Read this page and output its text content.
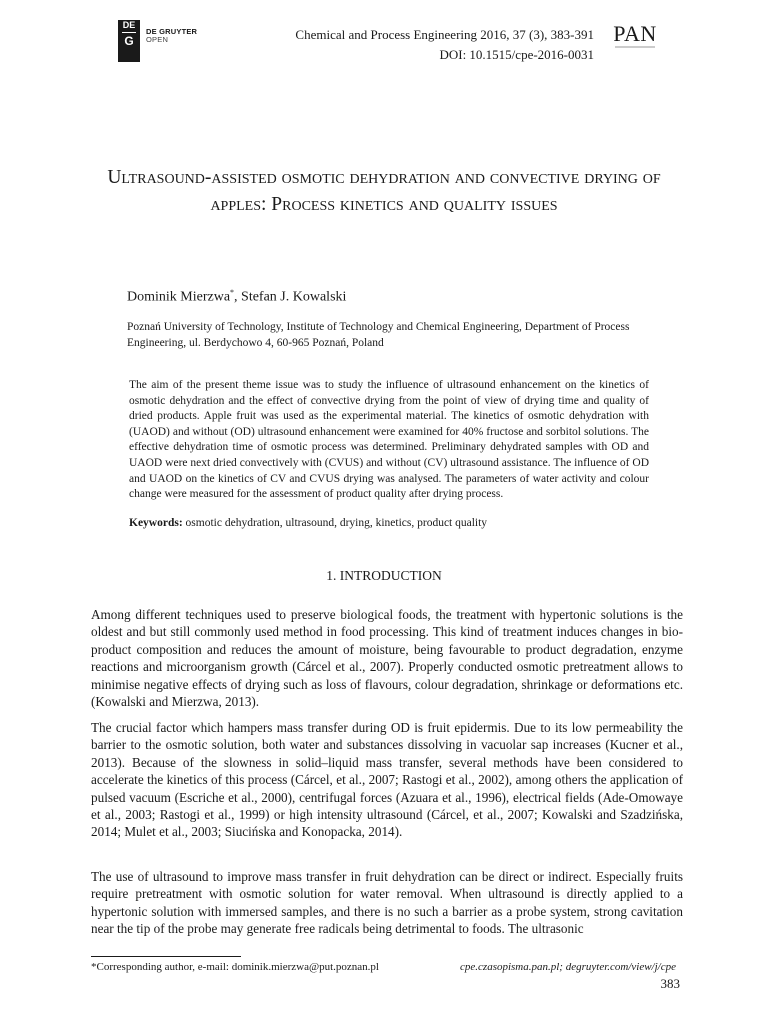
DE
G
DE GRUYTER
OPEN	Chemical and Process Engineering 2016, 37 (3), 383-391
DOI: 10.1515/cpe-2016-0031
PAN
Ultrasound-assisted osmotic dehydration and convective drying of apples: Process kinetics and quality issues
Dominik Mierzwa*, Stefan J. Kowalski
Poznań University of Technology, Institute of Technology and Chemical Engineering, Department of Process Engineering, ul. Berdychowo 4, 60-965 Poznań, Poland
The aim of the present theme issue was to study the influence of ultrasound enhancement on the kinetics of osmotic dehydration and the effect of convective drying from the point of view of drying time and quality of dried products. Apple fruit was used as the experimental material. The kinetics of osmotic dehydration with (UAOD) and without (OD) ultrasound enhancement were examined for 40% fructose and sorbitol solutions. The effective dehydration time of osmotic process was determined. Preliminary dehydrated samples with OD and UAOD were next dried convectively with (CVUS) and without (CV) ultrasound assistance. The influence of OD and UAOD on the kinetics of CV and CVUS drying was analysed. The parameters of water activity and colour change were measured for the assessment of product quality after drying process.
Keywords: osmotic dehydration, ultrasound, drying, kinetics, product quality
1. INTRODUCTION
Among different techniques used to preserve biological foods, the treatment with hypertonic solutions is the oldest and but still commonly used method in food processing. This kind of treatment induces changes in bio-product composition and reduces the amount of moisture, being favourable to product degradation, enzyme reactions and microorganism growth (Cárcel et al., 2007). Properly conducted osmotic pretreatment allows to minimise negative effects of drying such as loss of flavours, colour degradation, shrinkage or deformations etc. (Kowalski and Mierzwa, 2013).
The crucial factor which hampers mass transfer during OD is fruit epidermis. Due to its low permeability the barrier to the osmotic solution, both water and substances dissolving in vacuolar sap increases (Kucner et al., 2013). Because of the slowness in solid–liquid mass transfer, several methods have been considered to accelerate the kinetics of this process (Cárcel, et al., 2007; Rastogi et al., 2002), among others the application of pulsed vacuum (Escriche et al., 2000), centrifugal forces (Azuara et al., 1996), electrical fields (Ade-Omowaye et al., 2003; Rastogi et al., 1999) or high intensity ultrasound (Cárcel, et al., 2007; Kowalski and Szadzińska, 2014; Mulet et al., 2003; Siucińska and Konopacka, 2014).
The use of ultrasound to improve mass transfer in fruit dehydration can be direct or indirect. Especially fruits require pretreatment with osmotic solution for water removal. When ultrasound is directly applied to a hypertonic solution with immersed samples, and there is no such a barrier as a probe system, strong cavitation near the tip of the probe may generate free radicals being detrimental to foods. The ultrasonic
*Corresponding author, e-mail: dominik.mierzwa@put.poznan.pl	cpe.czasopisma.pan.pl; degruyter.com/view/j/cpe
383
